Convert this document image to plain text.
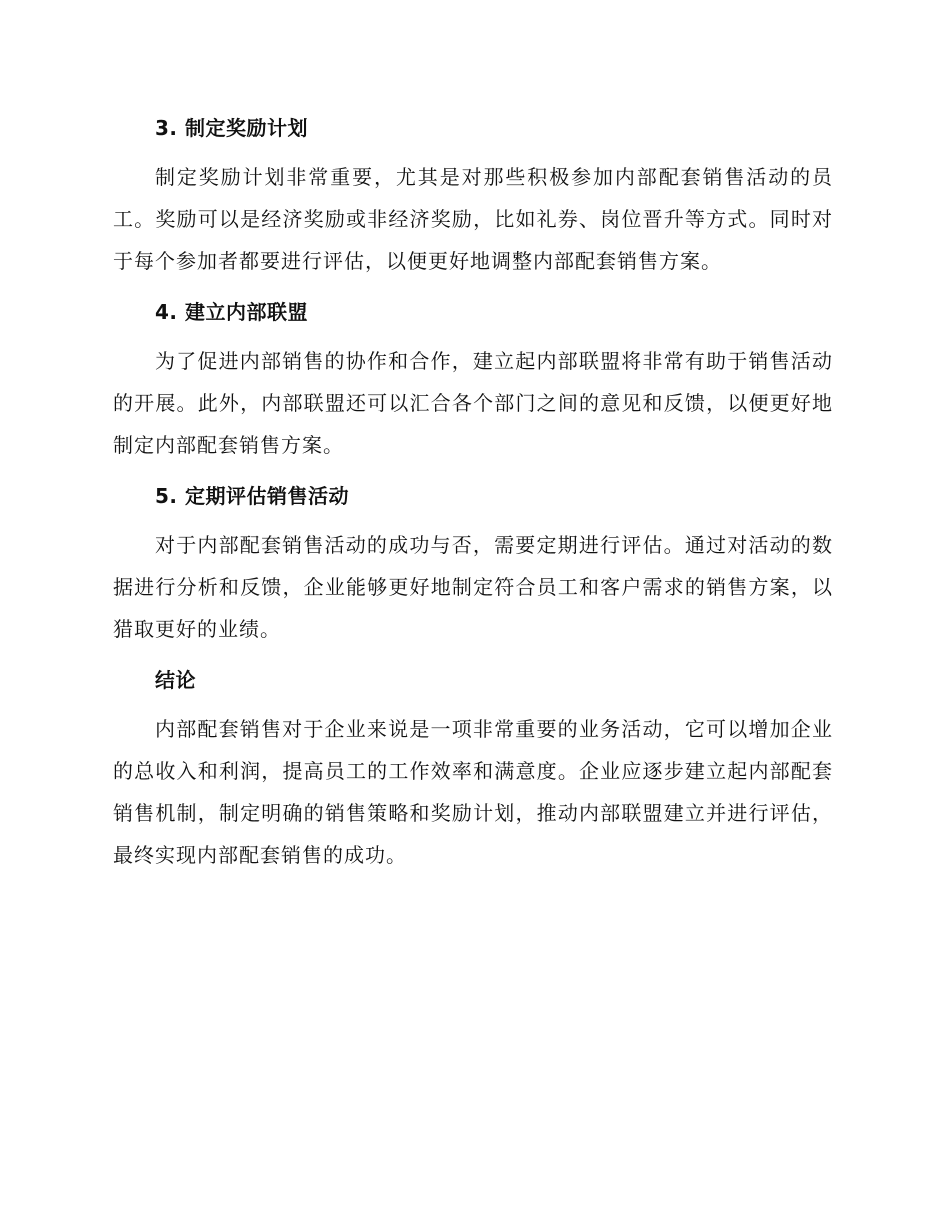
3. 制定奖励计划

制定奖励计划非常重要，尤其是对那些积极参加内部配套销售活动的员工。奖励可以是经济奖励或非经济奖励，比如礼券、岗位晋升等方式。同时对于每个参加者都要进行评估，以便更好地调整内部配套销售方案。

4. 建立内部联盟

为了促进内部销售的协作和合作，建立起内部联盟将非常有助于销售活动的开展。此外，内部联盟还可以汇合各个部门之间的意见和反馈，以便更好地制定内部配套销售方案。

5. 定期评估销售活动

对于内部配套销售活动的成功与否，需要定期进行评估。通过对活动的数据进行分析和反馈，企业能够更好地制定符合员工和客户需求的销售方案，以猎取更好的业绩。

结论

内部配套销售对于企业来说是一项非常重要的业务活动，它可以增加企业的总收入和利润，提高员工的工作效率和满意度。企业应逐步建立起内部配套销售机制，制定明确的销售策略和奖励计划，推动内部联盟建立并进行评估，最终实现内部配套销售的成功。
